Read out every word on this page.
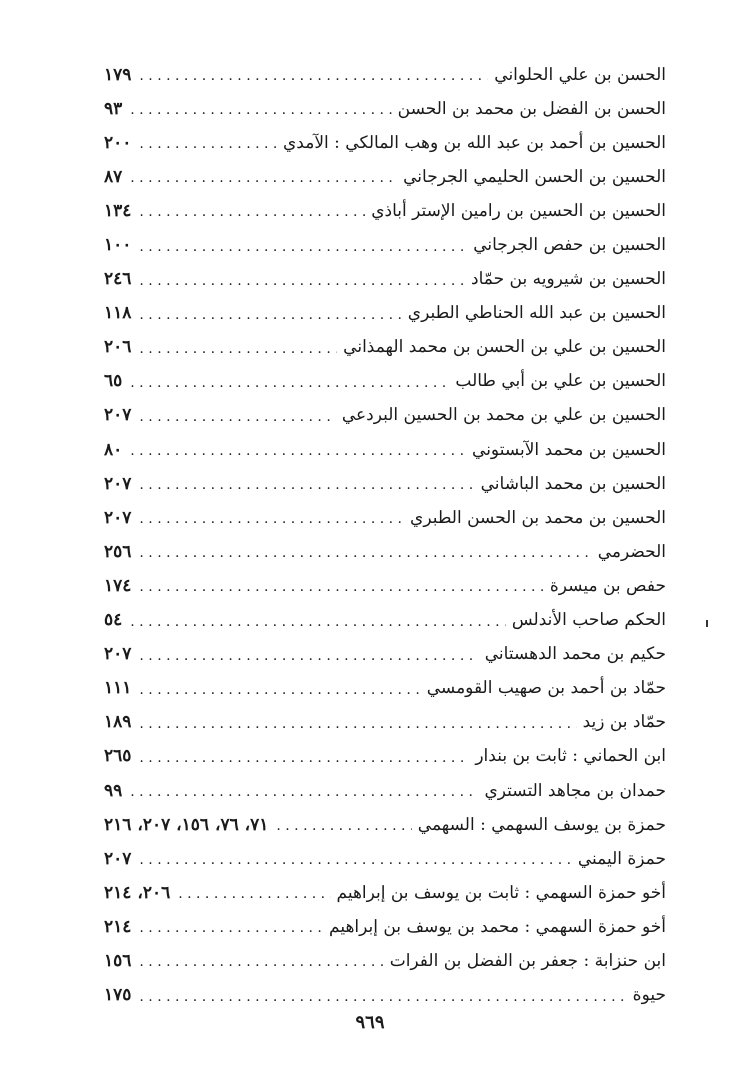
الحسن بن علي الحلواني
. . .
١٧٩
الحسن بن الفضل بن محمد بن الحسن
. . .
٩٣
الحسين بن أحمد بن عبد الله بن وهب المالكي : الآمدي
. . .
٢٠٠
الحسين بن الحسن الحليمي الجرجاني
. . .
٨٧
الحسين بن الحسين بن رامين الإستر أباذي
. . .
١٣٤
الحسين بن حفص الجرجاني
. . .
١٠٠
الحسين بن شيرويه بن حمّاد
. . .
٢٤٦
الحسين بن عبد الله الحناطي الطبري
. . .
١١٨
الحسين بن علي بن الحسن بن محمد الهمذاني
. . .
٢٠٦
الحسين بن علي بن أبي طالب
. . .
٦٥
الحسين بن علي بن محمد بن الحسين البردعي
. . .
٢٠٧
الحسين بن محمد الآبستوني
. . .
٨٠
الحسين بن محمد الباشاني
. . .
٢٠٧
الحسين بن محمد بن الحسن الطبري
. . .
٢٠٧
الحضرمي
. . .
٢٥٦
حفص بن ميسرة
. . .
١٧٤
الحكم صاحب الأندلس
. . .
٥٤
حكيم بن محمد الدهستاني
. . .
٢٠٧
حمّاد بن أحمد بن صهيب القومسي
. . .
١١١
حمّاد بن زيد
. . .
١٨٩
ابن الحماني : ثابت بن بندار
. . .
٢٦٥
حمدان بن مجاهد التستري
. . .
٩٩
حمزة بن يوسف السهمي : السهمي
. . .
٧١، ٧٦، ١٥٦، ٢٠٧، ٢١٦
حمزة اليمني
. . .
٢٠٧
أخو حمزة السهمي : ثابت بن يوسف بن إبراهيم
. . .
٢٠٦، ٢١٤
أخو حمزة السهمي : محمد بن يوسف بن إبراهيم
. . .
٢١٤
ابن حنزابة : جعفر بن الفضل بن الفرات
. . .
١٥٦
حيوة
. . .
١٧٥
٩٦٩
